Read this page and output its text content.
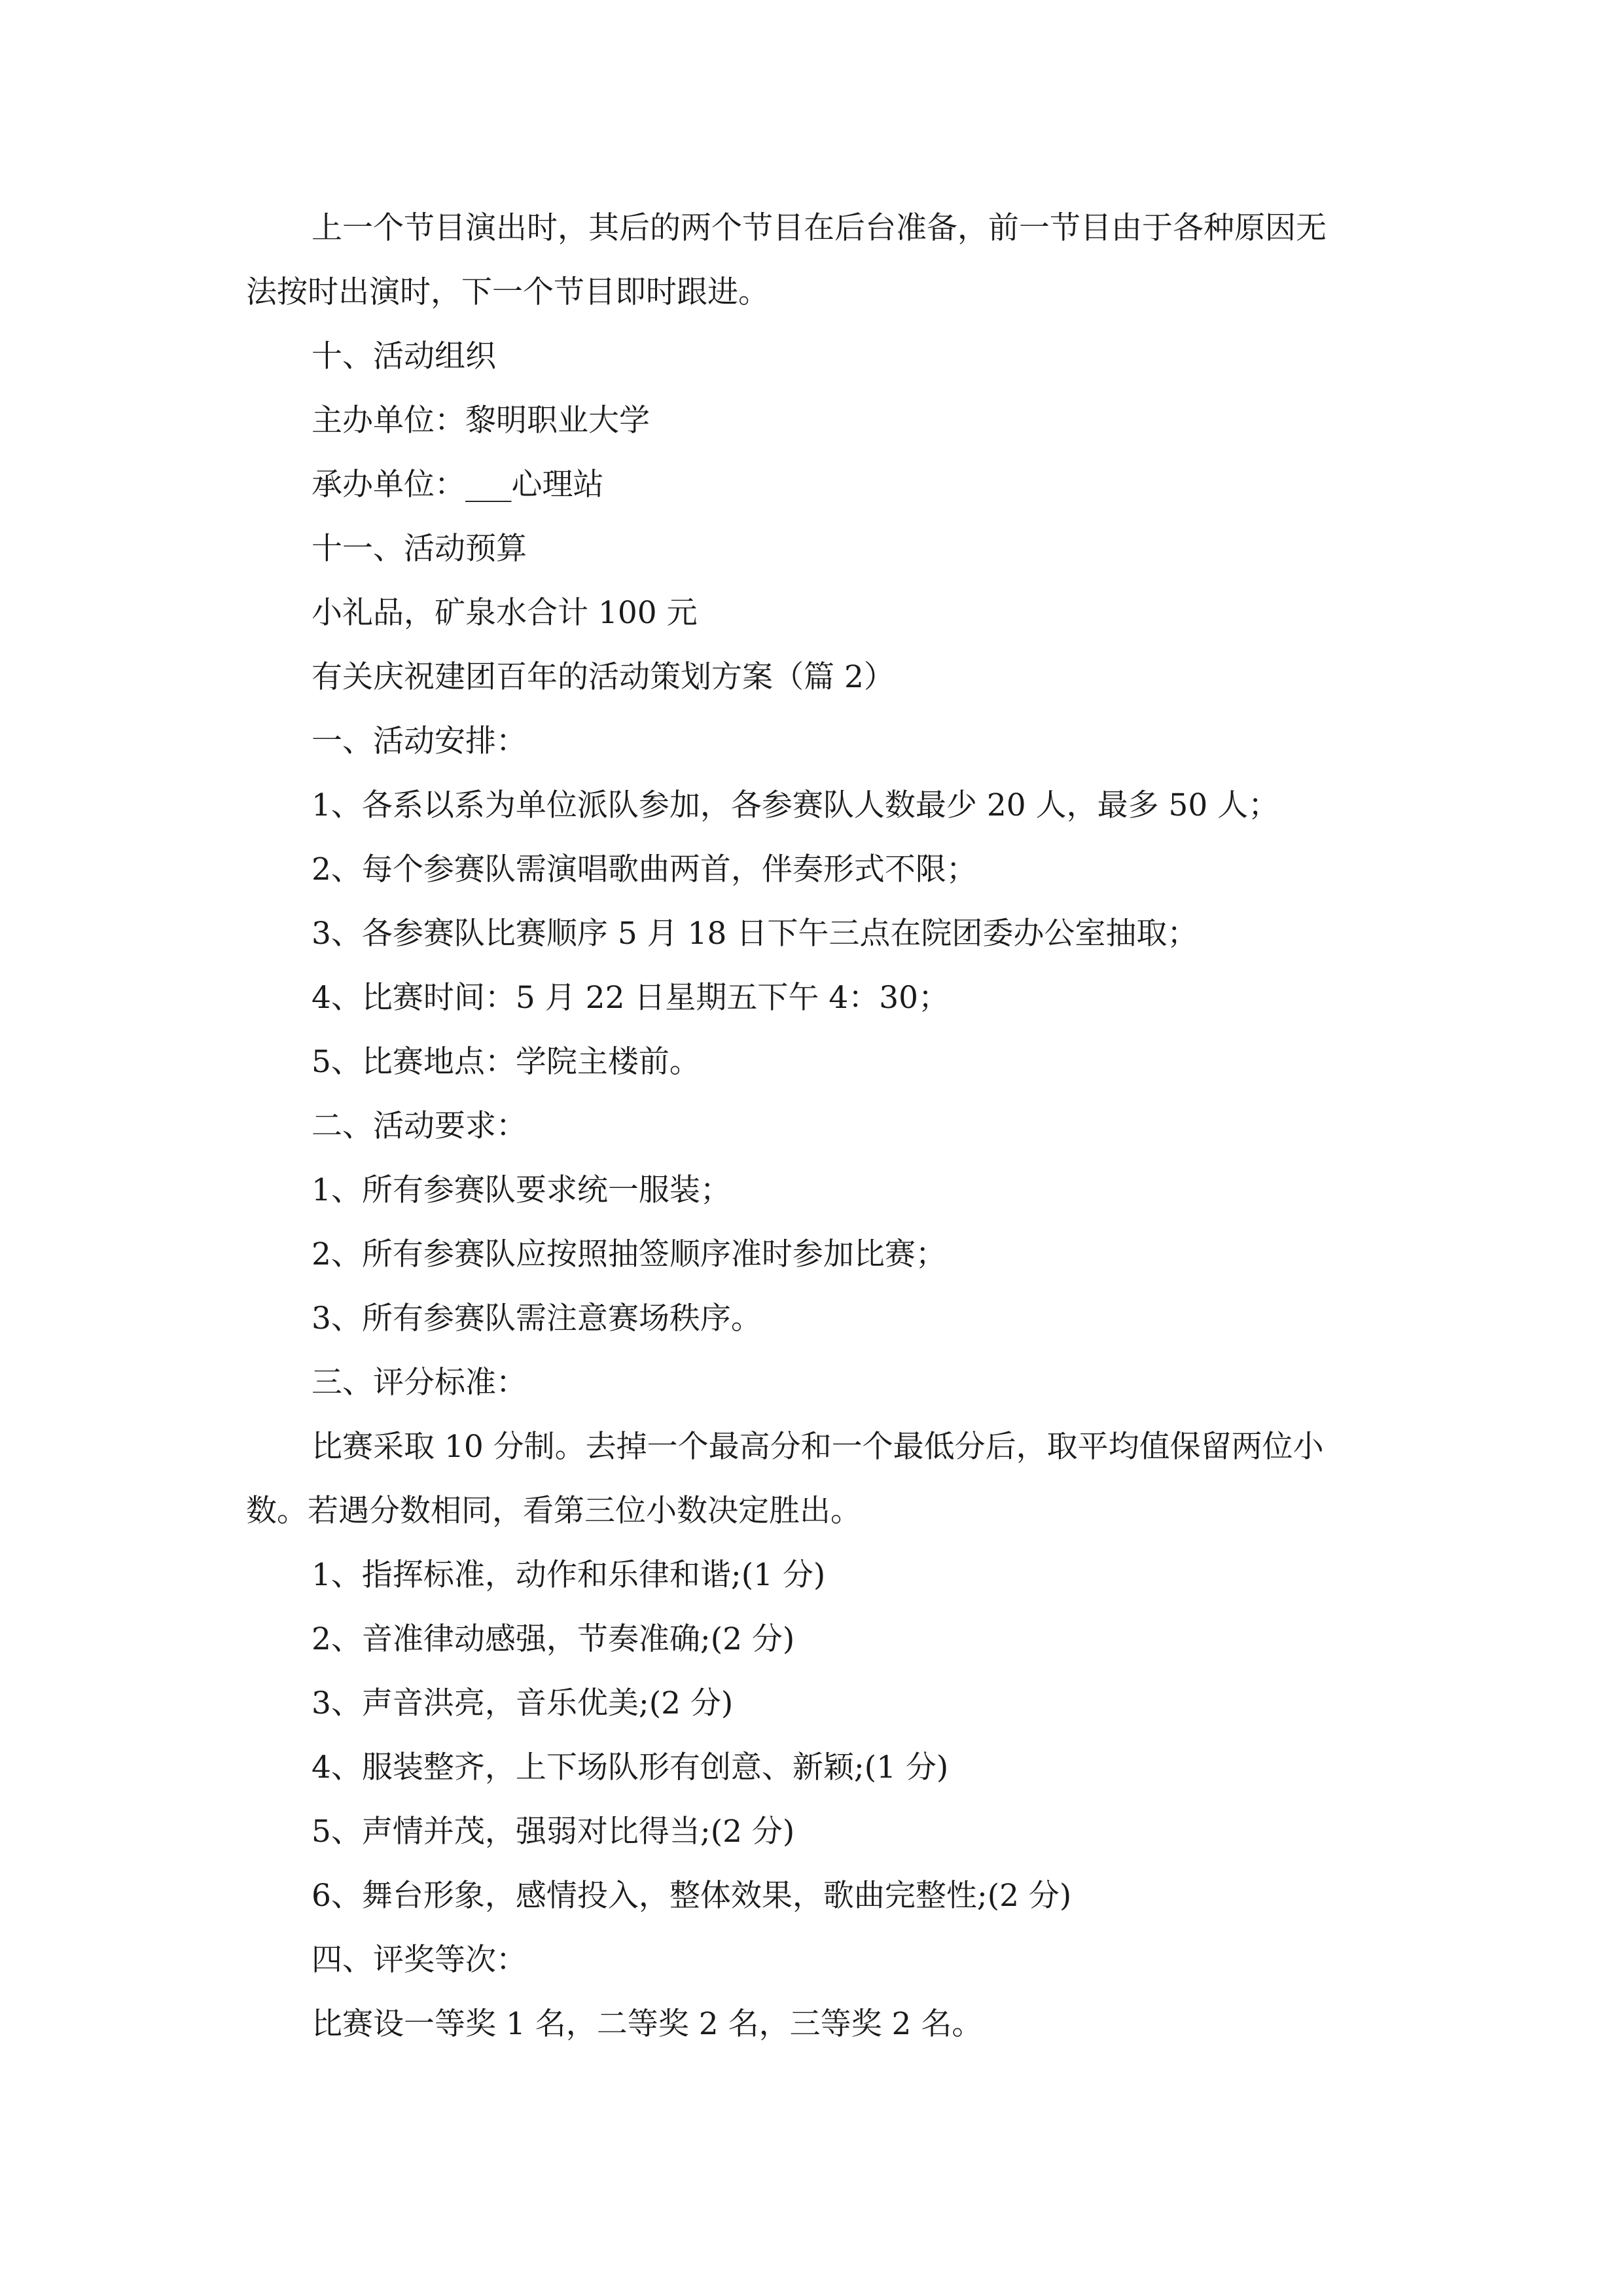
上一个节目演出时，其后的两个节目在后台准备，前一节目由于各种原因无
法按时出演时，下一个节目即时跟进。

十、活动组织

主办单位：黎明职业大学

承办单位：___心理站

十一、活动预算

小礼品，矿泉水合计 100 元

有关庆祝建团百年的活动策划方案（篇 2）

一、活动安排：

1、各系以系为单位派队参加，各参赛队人数最少 20 人，最多 50 人；

2、每个参赛队需演唱歌曲两首，伴奏形式不限；

3、各参赛队比赛顺序 5 月 18 日下午三点在院团委办公室抽取；

4、比赛时间：5 月 22 日星期五下午 4：30；

5、比赛地点：学院主楼前。

二、活动要求：

1、所有参赛队要求统一服装；

2、所有参赛队应按照抽签顺序准时参加比赛；

3、所有参赛队需注意赛场秩序。

三、评分标准：

比赛采取 10 分制。去掉一个最高分和一个最低分后，取平均值保留两位小
数。若遇分数相同，看第三位小数决定胜出。

1、指挥标准，动作和乐律和谐;(1 分)

2、音准律动感强，节奏准确;(2 分)

3、声音洪亮，音乐优美;(2 分)

4、服装整齐，上下场队形有创意、新颖;(1 分)

5、声情并茂，强弱对比得当;(2 分)

6、舞台形象，感情投入，整体效果，歌曲完整性;(2 分)

四、评奖等次：

比赛设一等奖 1 名，二等奖 2 名，三等奖 2 名。
